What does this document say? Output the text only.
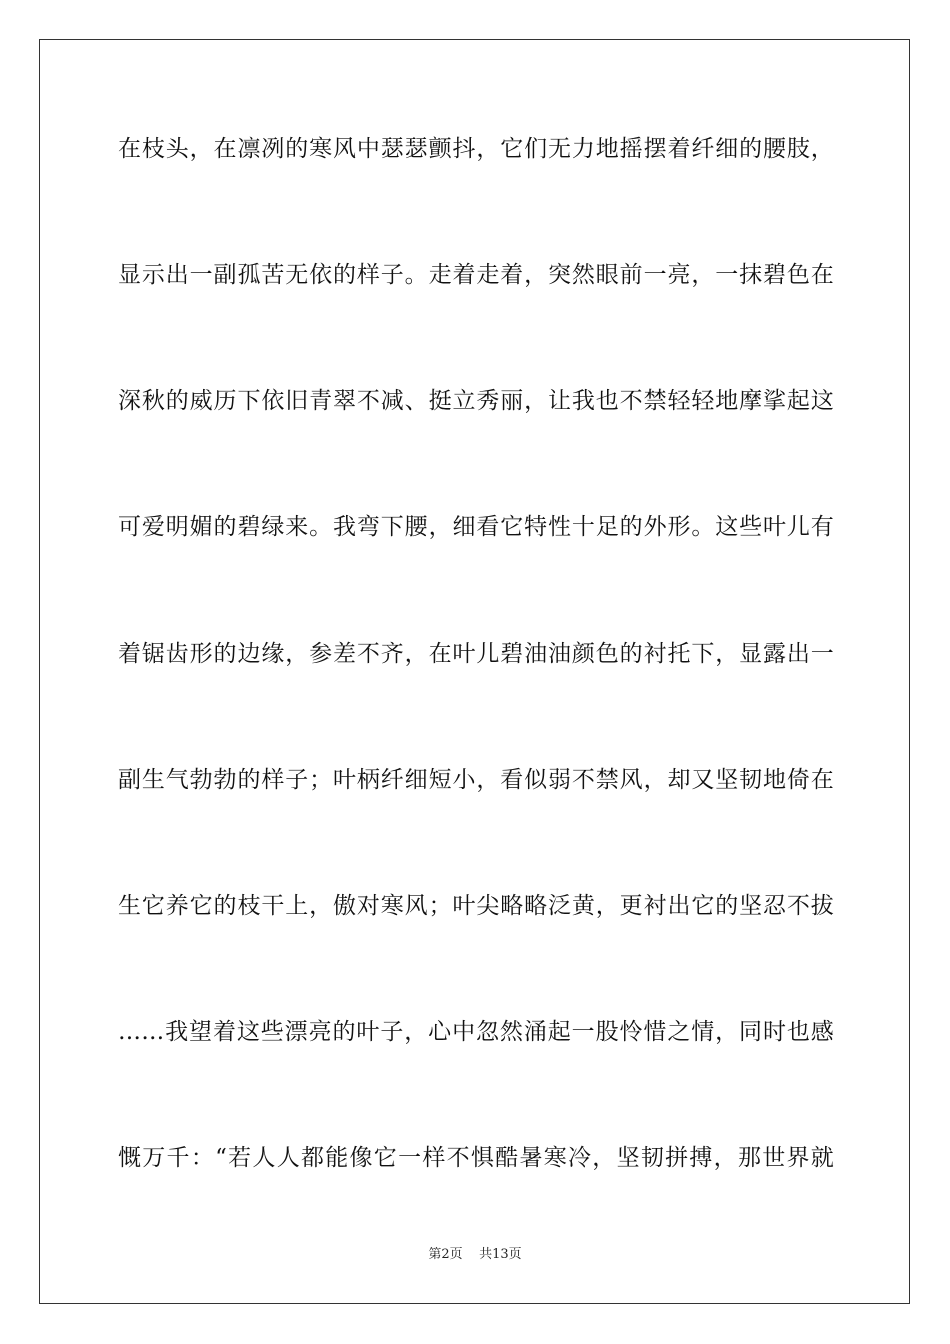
在枝头，在凛冽的寒风中瑟瑟颤抖，它们无力地摇摆着纤细的腰肢，
显示出一副孤苦无依的样子。走着走着，突然眼前一亮，一抹碧色在
深秋的威历下依旧青翠不减、挺立秀丽，让我也不禁轻轻地摩挲起这
可爱明媚的碧绿来。我弯下腰，细看它特性十足的外形。这些叶儿有
着锯齿形的边缘，参差不齐，在叶儿碧油油颜色的衬托下，显露出一
副生气勃勃的样子；叶柄纤细短小，看似弱不禁风，却又坚韧地倚在
生它养它的枝干上，傲对寒风；叶尖略略泛黄，更衬出它的坚忍不拔
……我望着这些漂亮的叶子，心中忽然涌起一股怜惜之情，同时也感
慨万千：“若人人都能像它一样不惧酷暑寒冷，坚韧拼搏，那世界就
第2页    共13页
